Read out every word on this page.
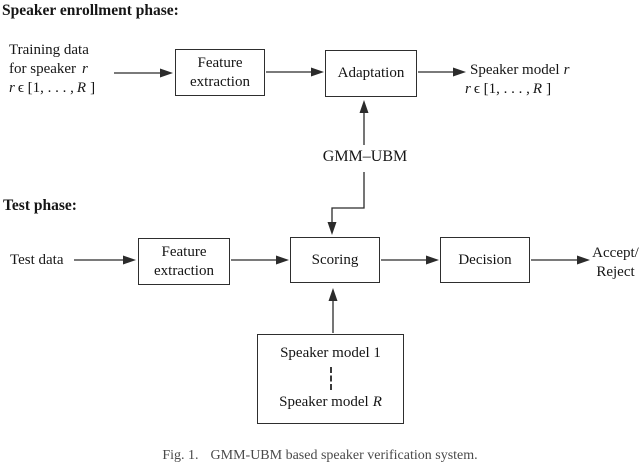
Speaker enrollment phase:
Training data
for speaker r
r ϵ [1, . . . , R ]
Feature
extraction
Adaptation	Speaker model r
r ϵ [1, . . . , R ]
GMM–UBM
Test phase:
Test data
Feature
extraction
Scoring	Decision	Accept/
Reject
Speaker model 1
Speaker model R
Fig. 1. GMM-UBM based speaker verification system.
